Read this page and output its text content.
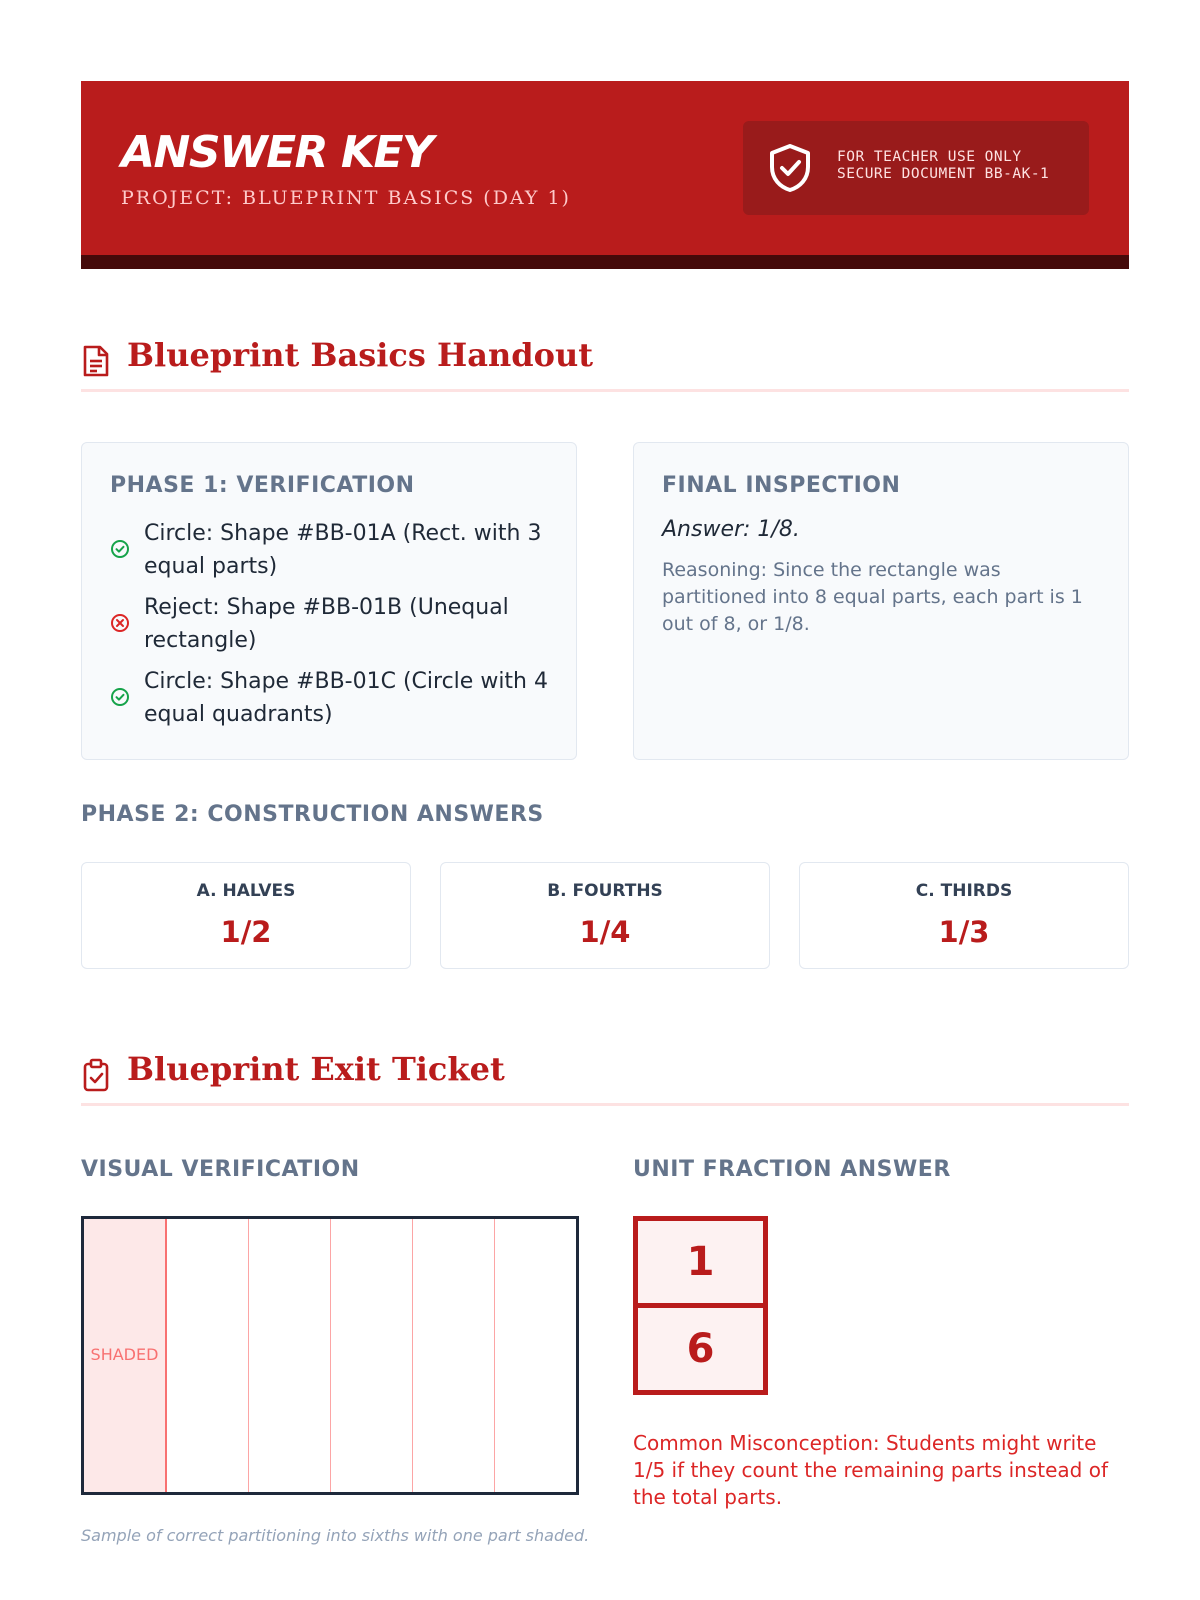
ANSWER KEY
PROJECT: BLUEPRINT BASICS (DAY 1)
FOR TEACHER USE ONLY
SECURE DOCUMENT BB-AK-1
Blueprint Basics Handout
PHASE 1: VERIFICATION
Circle: Shape #BB-01A (Rect. with 3 equal parts)
Reject: Shape #BB-01B (Unequal rectangle)
Circle: Shape #BB-01C (Circle with 4 equal quadrants)
FINAL INSPECTION
Answer: 1/8.
Reasoning: Since the rectangle was partitioned into 8 equal parts, each part is 1 out of 8, or 1/8.
PHASE 2: CONSTRUCTION ANSWERS
A. HALVES
1/2
B. FOURTHS
1/4
C. THIRDS
1/3
Blueprint Exit Ticket
VISUAL VERIFICATION
SHADED
Sample of correct partitioning into sixths with one part shaded.
UNIT FRACTION ANSWER
1
6
Common Misconception: Students might write 1/5 if they count the remaining parts instead of the total parts.
